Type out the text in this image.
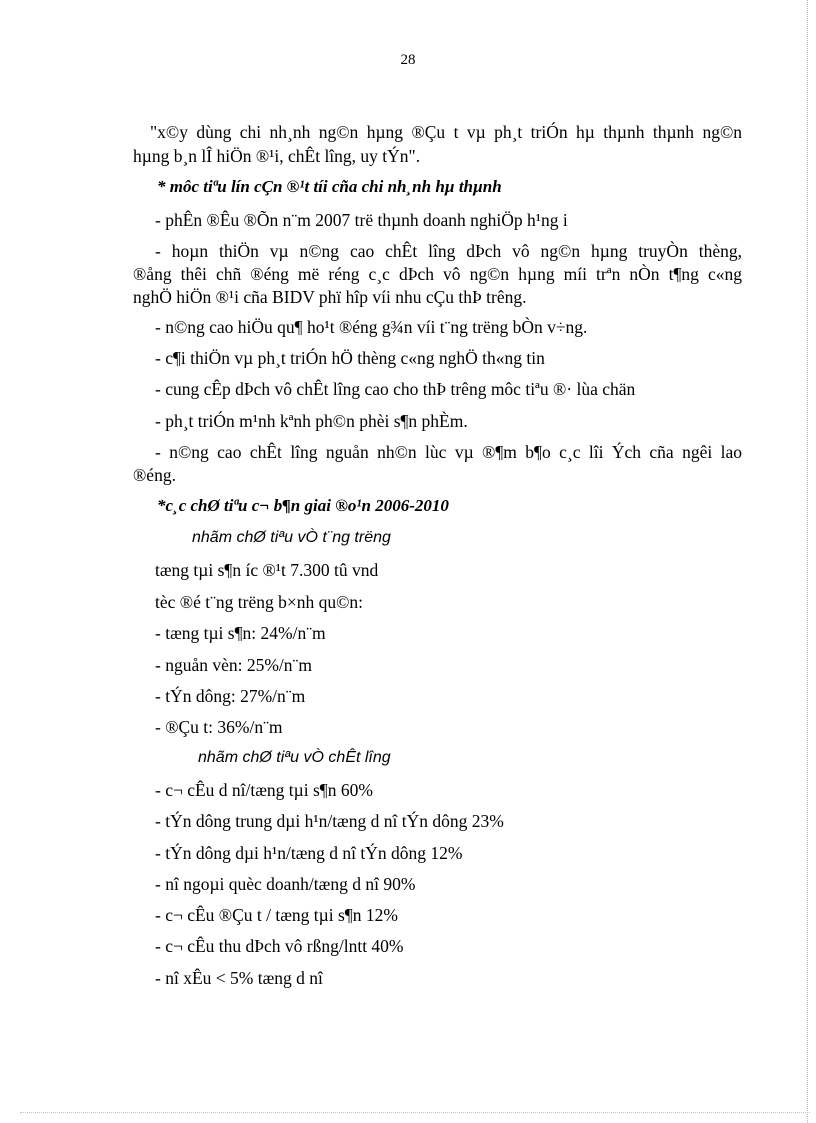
28
"x©y dùng chi nh¸nh ng©n hµng ®Çu t vµ ph¸t triÓn hµ thµnh thµnh ng©n
hµng b¸n lÎ hiÖn ®¹i, chÊt lîng, uy tÝn".
* môc tiªu lín cÇn ®¹t tíi cña chi nh¸nh hµ thµnh
- phÊn ®Êu ®Õn n¨m 2007 trë thµnh doanh nghiÖp h¹ng i
- hoµn thiÖn vµ n©ng cao chÊt lîng dÞch vô ng©n hµng truyÒn thèng,
®ång thêi chñ ®éng më réng c¸c dÞch vô ng©n hµng míi trªn nÒn t¶ng c«ng
nghÖ hiÖn ®¹i cña BIDV phï hîp víi nhu cÇu thÞ trêng.
- n©ng cao hiÖu qu¶ ho¹t ®éng g¾n víi t¨ng trëng bÒn v÷ng.
- c¶i thiÖn vµ ph¸t triÓn hÖ thèng c«ng nghÖ th«ng tin
- cung cÊp dÞch vô chÊt lîng cao cho thÞ trêng môc tiªu ®· lùa chän
- ph¸t triÓn m¹nh kªnh ph©n phèi s¶n phÈm.
- n©ng cao chÊt lîng nguån nh©n lùc vµ ®¶m b¶o c¸c lîi Ých cña ngêi lao
®éng.
*c¸c chØ tiªu c¬ b¶n giai ®o¹n 2006-2010
nhãm chØ tiªu vÒ t¨ng trëng
tæng tµi s¶n íc ®¹t 7.300 tû vnd
tèc ®é t¨ng trëng b×nh qu©n:
- tæng tµi s¶n: 24%/n¨m
- nguån vèn: 25%/n¨m
- tÝn dông: 27%/n¨m
- ®Çu t: 36%/n¨m
nhãm chØ tiªu vÒ chÊt lîng
- c¬ cÊu d nî/tæng tµi s¶n 60%
- tÝn dông trung dµi h¹n/tæng d nî tÝn dông 23%
- tÝn dông dµi h¹n/tæng d nî tÝn dông 12%
- nî ngoµi quèc doanh/tæng d nî 90%
- c¬ cÊu ®Çu t / tæng tµi s¶n 12%
- c¬ cÊu thu dÞch vô rßng/lntt 40%
- nî xÊu < 5% tæng d nî
